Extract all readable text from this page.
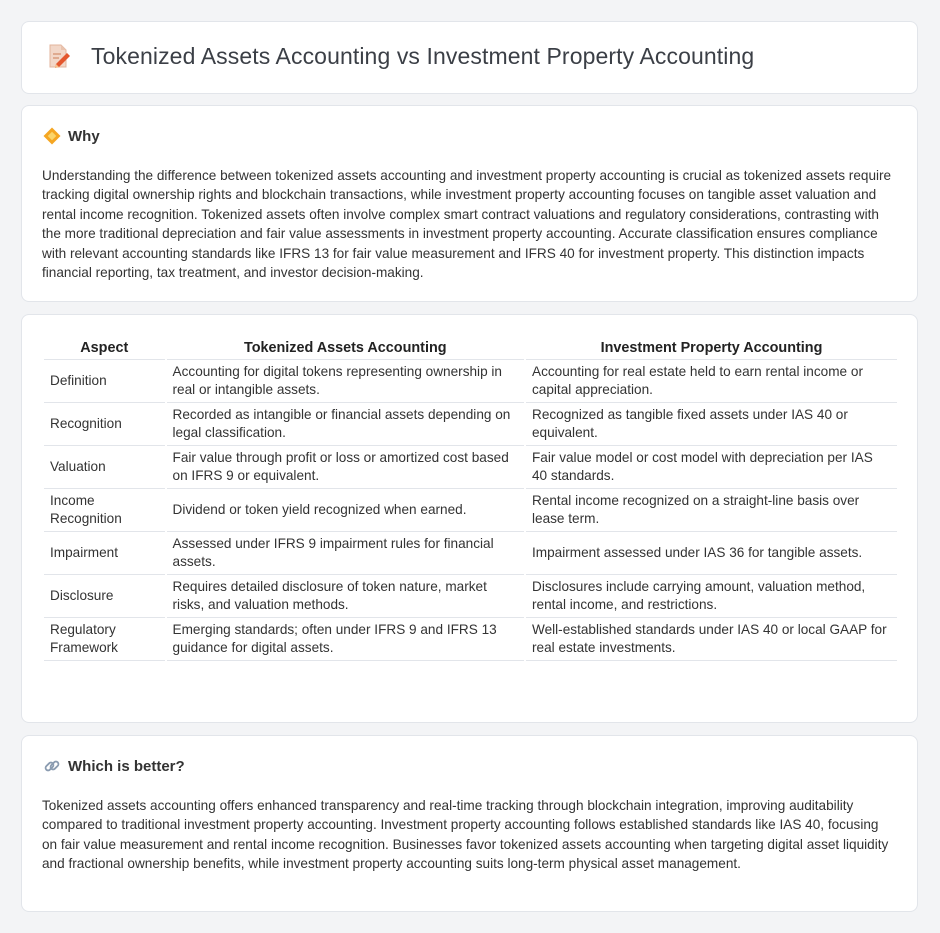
Tokenized Assets Accounting vs Investment Property Accounting
Why

Understanding the difference between tokenized assets accounting and investment property accounting is crucial as tokenized assets require tracking digital ownership rights and blockchain transactions, while investment property accounting focuses on tangible asset valuation and rental income recognition. Tokenized assets often involve complex smart contract valuations and regulatory considerations, contrasting with the more traditional depreciation and fair value assessments in investment property accounting. Accurate classification ensures compliance with relevant accounting standards like IFRS 13 for fair value measurement and IFRS 40 for investment property. This distinction impacts financial reporting, tax treatment, and investor decision-making.

Aspect	Tokenized Assets Accounting	Investment Property Accounting
Definition	Accounting for digital tokens representing ownership in real or intangible assets.	Accounting for real estate held to earn rental income or capital appreciation.
Recognition	Recorded as intangible or financial assets depending on legal classification.	Recognized as tangible fixed assets under IAS 40 or equivalent.
Valuation	Fair value through profit or loss or amortized cost based on IFRS 9 or equivalent.	Fair value model or cost model with depreciation per IAS 40 standards.
Income Recognition	Dividend or token yield recognized when earned.	Rental income recognized on a straight-line basis over lease term.
Impairment	Assessed under IFRS 9 impairment rules for financial assets.	Impairment assessed under IAS 36 for tangible assets.
Disclosure	Requires detailed disclosure of token nature, market risks, and valuation methods.	Disclosures include carrying amount, valuation method, rental income, and restrictions.
Regulatory Framework	Emerging standards; often under IFRS 9 and IFRS 13 guidance for digital assets.	Well-established standards under IAS 40 or local GAAP for real estate investments.
Which is better?

Tokenized assets accounting offers enhanced transparency and real-time tracking through blockchain integration, improving auditability compared to traditional investment property accounting. Investment property accounting follows established standards like IAS 40, focusing on fair value measurement and rental income recognition. Businesses favor tokenized assets accounting when targeting digital asset liquidity and fractional ownership benefits, while investment property accounting suits long-term physical asset management.
